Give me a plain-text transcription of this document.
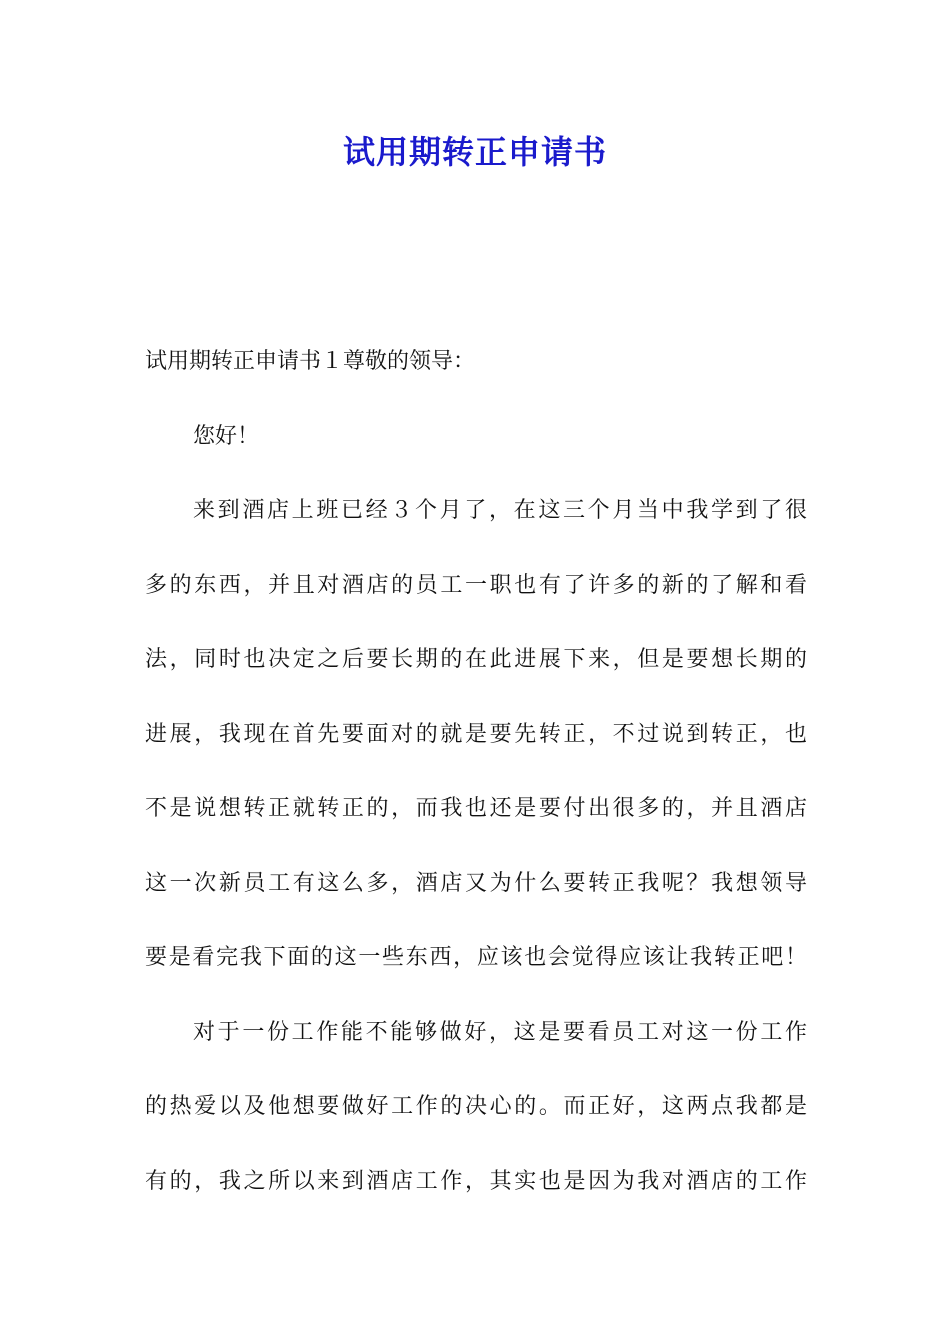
试用期转正申请书
试用期转正申请书１尊敬的领导：
您好！
来到酒店上班已经３个月了，在这三个月当中我学到了很
多的东西，并且对酒店的员工一职也有了许多的新的了解和看
法，同时也决定之后要长期的在此进展下来，但是要想长期的
进展，我现在首先要面对的就是要先转正，不过说到转正，也
不是说想转正就转正的，而我也还是要付出很多的，并且酒店
这一次新员工有这么多，酒店又为什么要转正我呢？我想领导
要是看完我下面的这一些东西，应该也会觉得应该让我转正吧！
对于一份工作能不能够做好，这是要看员工对这一份工作
的热爱以及他想要做好工作的决心的。而正好，这两点我都是
有的，我之所以来到酒店工作，其实也是因为我对酒店的工作
